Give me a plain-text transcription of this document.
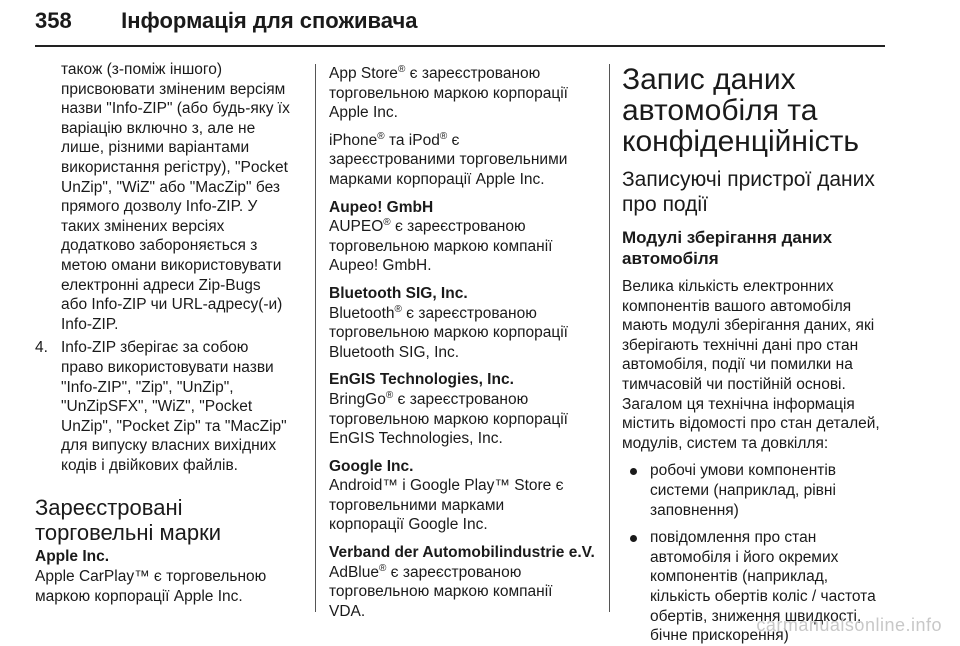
358 Інформація для споживача
також (з-поміж іншого)
присвоювати зміненим версіям
назви "Info-ZIP" (або будь-яку їх
варіацію включно з, але не
лише, різними варіантами
використання регістру), "Pocket
UnZip", "WiZ" або "MacZip" без
прямого дозволу Info-ZIP. У
таких змінених версіях
додатково забороняється з
метою омани використовувати
електронні адреси Zip-Bugs
або Info-ZIP чи URL-адресу(-и)
Info-ZIP.
4. Info-ZIP зберігає за собою
право використовувати назви
"Info-ZIP", "Zip", "UnZip",
"UnZipSFX", "WiZ", "Pocket
UnZip", "Pocket Zip" та "MacZip"
для випуску власних вихідних
кодів і двійкових файлів.
Зареєстровані
торговельні марки
Apple Inc.
Apple CarPlay™ є торговельною
маркою корпорації Apple Inc.
App Store® є зареєстрованою
торговельною маркою корпорації
Apple Inc.
iPhone® та iPod® є
зареєстрованими торговельними
марками корпорації Apple Inc.
Aupeo! GmbH
AUPEO® є зареєстрованою
торговельною маркою компанії
Aupeo! GmbH.
Bluetooth SIG, Inc.
Bluetooth® є зареєстрованою
торговельною маркою корпорації
Bluetooth SIG, Inc.
EnGIS Technologies, Inc.
BringGo® є зареєстрованою
торговельною маркою корпорації
EnGIS Technologies, Inc.
Google Inc.
Android™ і Google Play™ Store є
торговельними марками
корпорації Google Inc.
Verband der Automobilindustrie e.V.
AdBlue® є зареєстрованою
торговельною маркою компанії
VDA.
Запис даних
автомобіля та
конфіденційність
Записуючі пристрої даних
про події
Модулі зберігання даних
автомобіля
Велика кількість електронних
компонентів вашого автомобіля
мають модулі зберігання даних, які
зберігають технічні дані про стан
автомобіля, події чи помилки на
тимчасовій чи постійній основі.
Загалом ця технічна інформація
містить відомості про стан деталей,
модулів, систем та довкілля:
робочі умови компонентів
системи (наприклад, рівні
заповнення)
повідомлення про стан
автомобіля і його окремих
компонентів (наприклад,
кількість обертів коліс / частота
обертів, зниження швидкості,
бічне прискорення)
carmanualsonline.info
